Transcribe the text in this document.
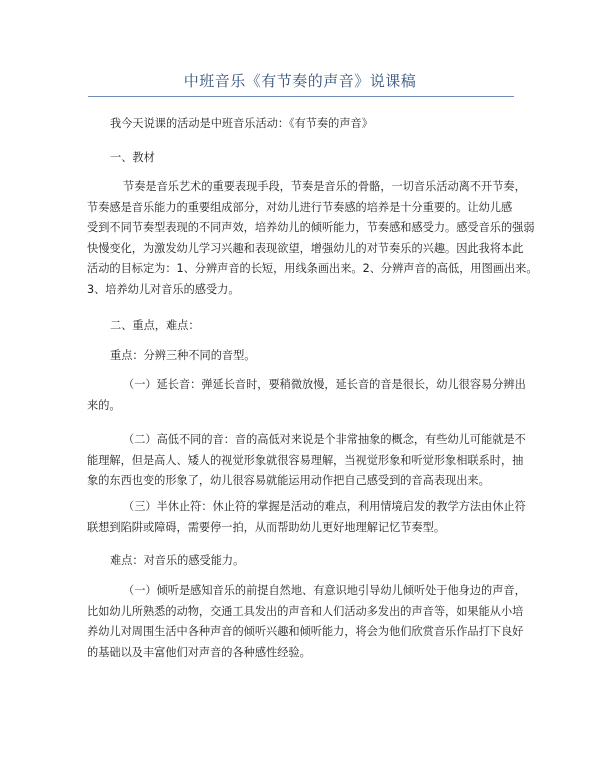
中班音乐《有节奏的声音》说课稿

我今天说课的活动是中班音乐活动：《有节奏的声音》

一、教材

节奏是音乐艺术的重要表现手段，节奏是音乐的骨骼，一切音乐活动离不开节奏，

节奏感是音乐能力的重要组成部分，对幼儿进行节奏感的培养是十分重要的。让幼儿感

受到不同节奏型表现的不同声效，培养幼儿的倾听能力，节奏感和感受力。感受音乐的强弱

快慢变化，为激发幼儿学习兴趣和表现欲望，增强幼儿的对节奏乐的兴趣。因此我将本此

活动的目标定为：1、分辨声音的长短，用线条画出来。2、分辨声音的高低，用图画出来。

3、培养幼儿对音乐的感受力。

二、重点，难点：

重点：分辨三种不同的音型。

（一）延长音：弹延长音时，要稍微放慢，延长音的音是很长，幼儿很容易分辨出

来的。

（二）高低不同的音：音的高低对来说是个非常抽象的概念，有些幼儿可能就是不

能理解，但是高人、矮人的视觉形象就很容易理解，当视觉形象和听觉形象相联系时，抽

象的东西也变的形象了，幼儿很容易就能运用动作把自己感受到的音高表现出来。

（三）半休止符：休止符的掌握是活动的难点，利用情境启发的教学方法由休止符

联想到陷阱或障碍，需要停一拍，从而帮助幼儿更好地理解记忆节奏型。

难点：对音乐的感受能力。

（一）倾听是感知音乐的前提自然地、有意识地引导幼儿倾听处于他身边的声音，

比如幼儿所熟悉的动物，交通工具发出的声音和人们活动多发出的声音等，如果能从小培

养幼儿对周围生活中各种声音的倾听兴趣和倾听能力，将会为他们欣赏音乐作品打下良好

的基础以及丰富他们对声音的各种感性经验。
